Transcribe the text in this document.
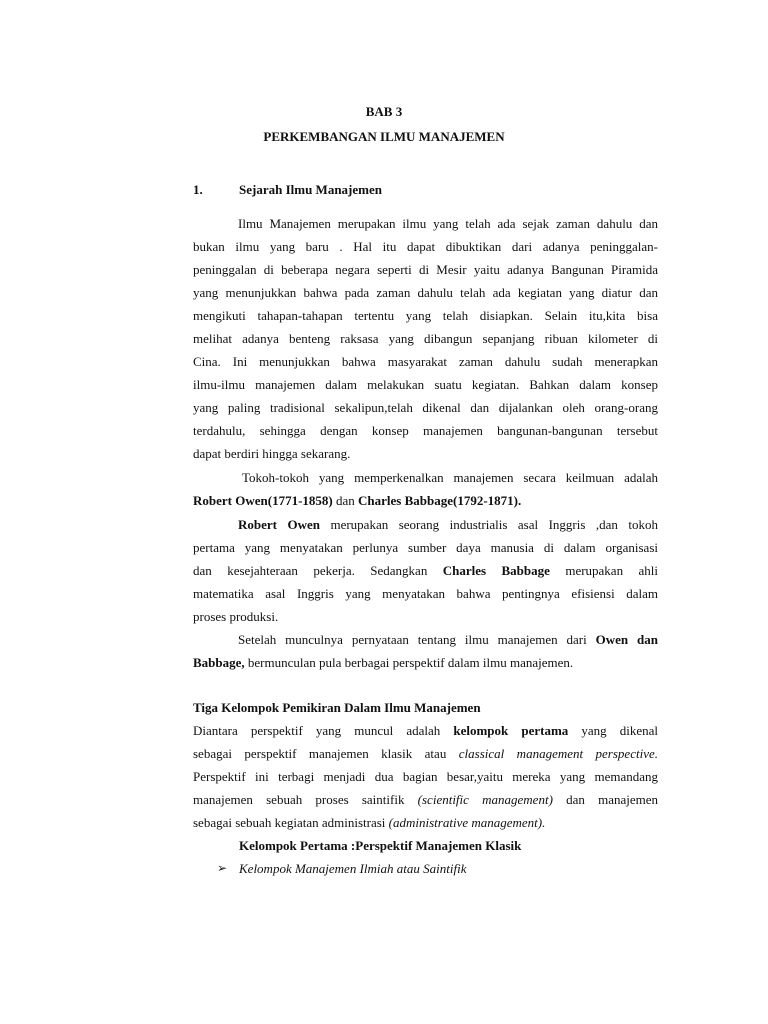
BAB 3
PERKEMBANGAN ILMU MANAJEMEN
1.	Sejarah Ilmu Manajemen
Ilmu Manajemen merupakan ilmu yang telah ada sejak zaman dahulu dan
bukan ilmu yang baru . Hal itu dapat dibuktikan dari adanya peninggalan-
peninggalan di beberapa negara seperti di Mesir yaitu adanya Bangunan Piramida
yang menunjukkan bahwa pada zaman dahulu telah ada kegiatan yang diatur dan
mengikuti tahapan-tahapan tertentu yang telah disiapkan. Selain itu,kita bisa
melihat adanya benteng raksasa yang dibangun sepanjang ribuan kilometer di
Cina. Ini menunjukkan bahwa masyarakat zaman dahulu sudah menerapkan
ilmu-ilmu manajemen dalam melakukan suatu kegiatan. Bahkan dalam konsep
yang paling tradisional sekalipun,telah dikenal dan dijalankan oleh orang-orang
terdahulu, sehingga dengan konsep manajemen bangunan-bangunan tersebut
dapat berdiri hingga sekarang.
Tokoh-tokoh yang memperkenalkan manajemen secara keilmuan adalah
Robert Owen(1771-1858) dan Charles Babbage(1792-1871).
Robert Owen merupakan seorang industrialis asal Inggris ,dan tokoh
pertama yang menyatakan perlunya sumber daya manusia di dalam organisasi
dan kesejahteraan pekerja. Sedangkan Charles Babbage merupakan ahli
matematika asal Inggris yang menyatakan bahwa pentingnya efisiensi dalam
proses produksi.
Setelah munculnya pernyataan tentang ilmu manajemen dari Owen dan
Babbage, bermunculan pula berbagai perspektif dalam ilmu manajemen.
Tiga Kelompok Pemikiran Dalam Ilmu Manajemen
Diantara perspektif yang muncul adalah kelompok pertama yang dikenal
sebagai perspektif manajemen klasik atau classical management perspective.
Perspektif ini terbagi menjadi dua bagian besar,yaitu mereka yang memandang
manajemen sebuah proses saintifik (scientific management) dan manajemen
sebagai sebuah kegiatan administrasi (administrative management).
Kelompok Pertama :Perspektif Manajemen Klasik
➢ Kelompok Manajemen Ilmiah atau Saintifik
